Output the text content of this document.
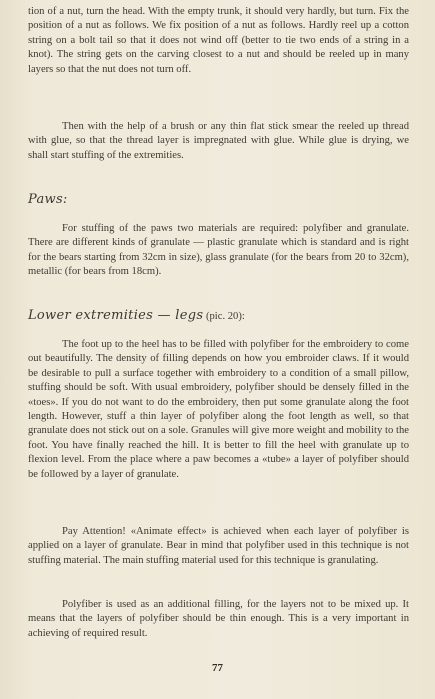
tion of a nut, turn the head. With the empty trunk, it should very hardly, but turn. Fix the position of a nut as follows. We fix position of a nut as follows. Hardly reel up a cotton string on a bolt tail so that it does not wind off (better to tie two ends of a string in a knot). The string gets on the carving closest to a nut and should be reeled up in many layers so that the nut does not turn off.

Then with the help of a brush or any thin flat stick smear the reeled up thread with glue, so that the thread layer is impregnated with glue. While glue is drying, we shall start stuffing of the extremities.

Paws:

For stuffing of the paws two materials are required: polyfiber and granulate. There are different kinds of granulate — plastic granulate which is standard and is right for the bears starting from 32cm in size), glass granulate (for the bears from 20 to 32cm), metallic (for bears from 18cm).

Lower extremities — legs (pic. 20):

The foot up to the heel has to be filled with polyfiber for the embroidery to come out beautifully. The density of filling depends on how you embroider claws. If it would be desirable to pull a surface together with embroidery to a condition of a small pillow, stuffing should be soft. With usual embroidery, polyfiber should be densely filled in the «toes». If you do not want to do the embroidery, then put some granulate along the foot length. However, stuff a thin layer of polyfiber along the foot length as well, so that granulate does not stick out on a sole. Granules will give more weight and mobility to the foot. You have finally reached the hill. It is better to fill the heel with granulate up to flexion level. From the place where a paw becomes a «tube» a layer of polyfiber should be followed by a layer of granulate.

Pay Attention! «Animate effect» is achieved when each layer of polyfiber is applied on a layer of granulate. Bear in mind that polyfiber used in this technique is not stuffing material. The main stuffing material used for this technique is granulating.

Polyfiber is used as an additional filling, for the layers not to be mixed up. It means that the layers of polyfiber should be thin enough. This is a very important in achieving of required result.

77
